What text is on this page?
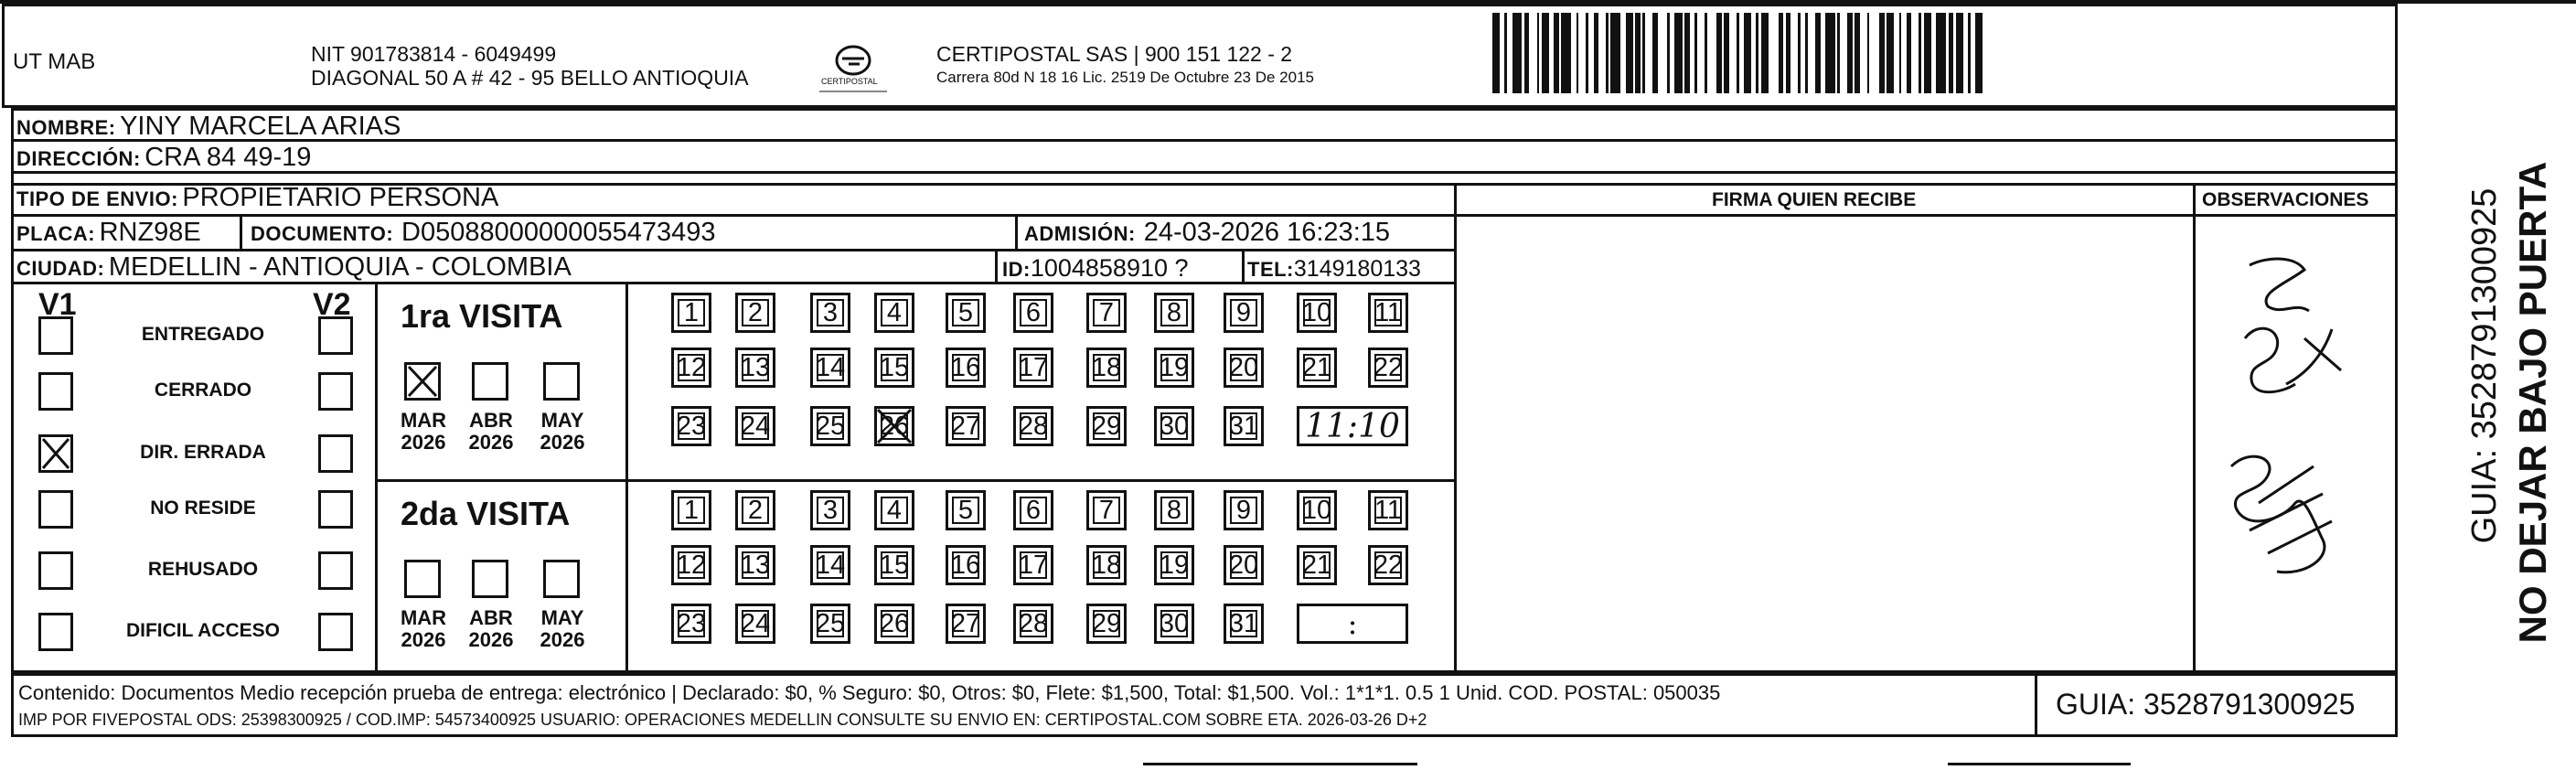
UT MAB	NIT 901783814 - 6049499
DIAGONAL 50 A # 42 - 95 BELLO ANTIOQUIA	CERTIPOSTAL
CERTIPOSTAL SAS | 900 151 122 - 2
Carrera 80d N 18 16 Lic. 2519 De Octubre 23 De 2015
NOMBRE: YINY MARCELA ARIAS
DIRECCIÓN: CRA 84 49-19
TIPO DE ENVIO: PROPIETARIO PERSONA
PLACA: RNZ98E DOCUMENTO: D05088000000055473493	ADMISIÓN: 24-03-2026 16:23:15
CIUDAD: MEDELLIN - ANTIOQUIA - COLOMBIA	ID:1004858910 ?	TEL:3149180133
FIRMA QUIEN RECIBE	OBSERVACIONES
V1	V2
ENTREGADO
CERRADO
DIR. ERRADA
NO RESIDE
REHUSADO
DIFICIL ACCESO
1ra VISITA
MAR
2026
ABR
2026
MAY
2026
1 2 3 4 5 6 7 8 9 10 11
12 13 14 15 16 17 18 19 20 21 22
23 24 25 26 27 28 29 30 31 11:10
2da VISITA
MAR
2026
ABR
2026
MAY
2026
1 2 3 4 5 6 7 8 9 10 11
12 13 14 15 16 17 18 19 20 21 22
23 24 25 26 27 28 29 30 31	:
Contenido: Documentos Medio recepción prueba de entrega: electrónico | Declarado: $0, % Seguro: $0, Otros: $0, Flete: $1,500, Total: $1,500. Vol.: 1*1*1. 0.5 1 Unid. COD. POSTAL: 050035
IMP POR FIVEPOSTAL ODS: 25398300925 / COD.IMP: 54573400925 USUARIO: OPERACIONES MEDELLIN CONSULTE SU ENVIO EN: CERTIPOSTAL.COM SOBRE ETA. 2026-03-26 D+2	GUIA: 3528791300925
NO DEJAR BAJO PUERTA
GUIA: 3528791300925
